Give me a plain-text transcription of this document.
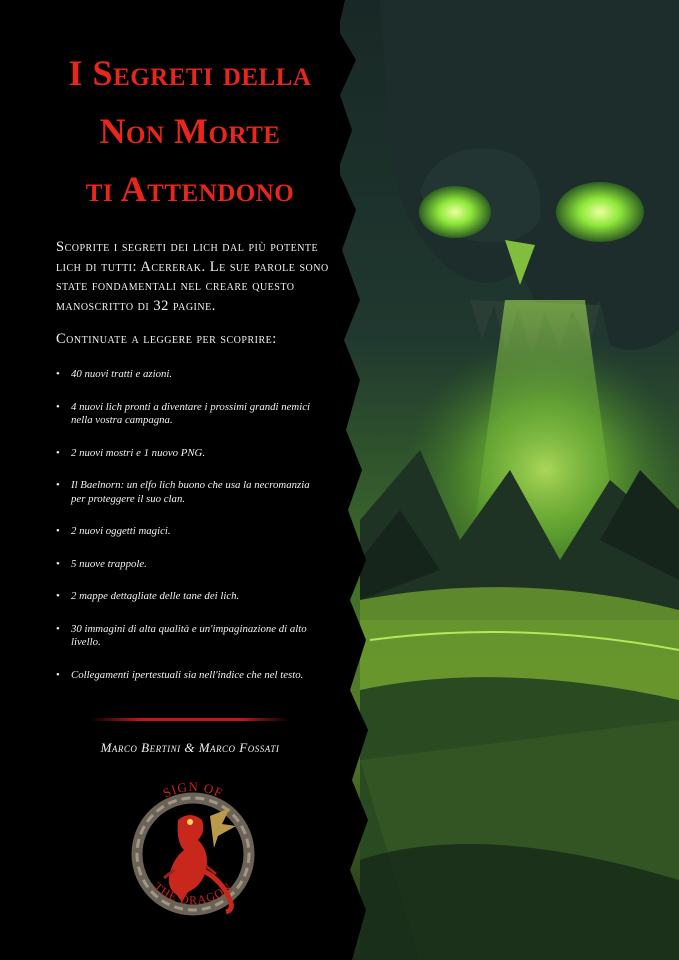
I Segreti della
Non Morte
ti Attendono

Scoprite i segreti dei lich dal più potente lich di tutti: Acererak. Le sue parole sono state fondamentali nel creare questo manoscritto di 32 pagine.

Continuate a leggere per scoprire:

• 40 nuovi tratti e azioni.
• 4 nuovi lich pronti a diventare i prossimi grandi nemici nella vostra campagna.
• 2 nuovi mostri e 1 nuovo PNG.
• Il Baelnorn: un elfo lich buono che usa la necromanzia per proteggere il suo clan.
• 2 nuovi oggetti magici.
• 5 nuove trappole.
• 2 mappe dettagliate delle tane dei lich.
• 30 immagini di alta qualità e un'impaginazione di alto livello.
• Collegamenti ipertestuali sia nell'indice che nel testo.

Marco Bertini & Marco Fossati

SIGN OF
THE DRAGON
